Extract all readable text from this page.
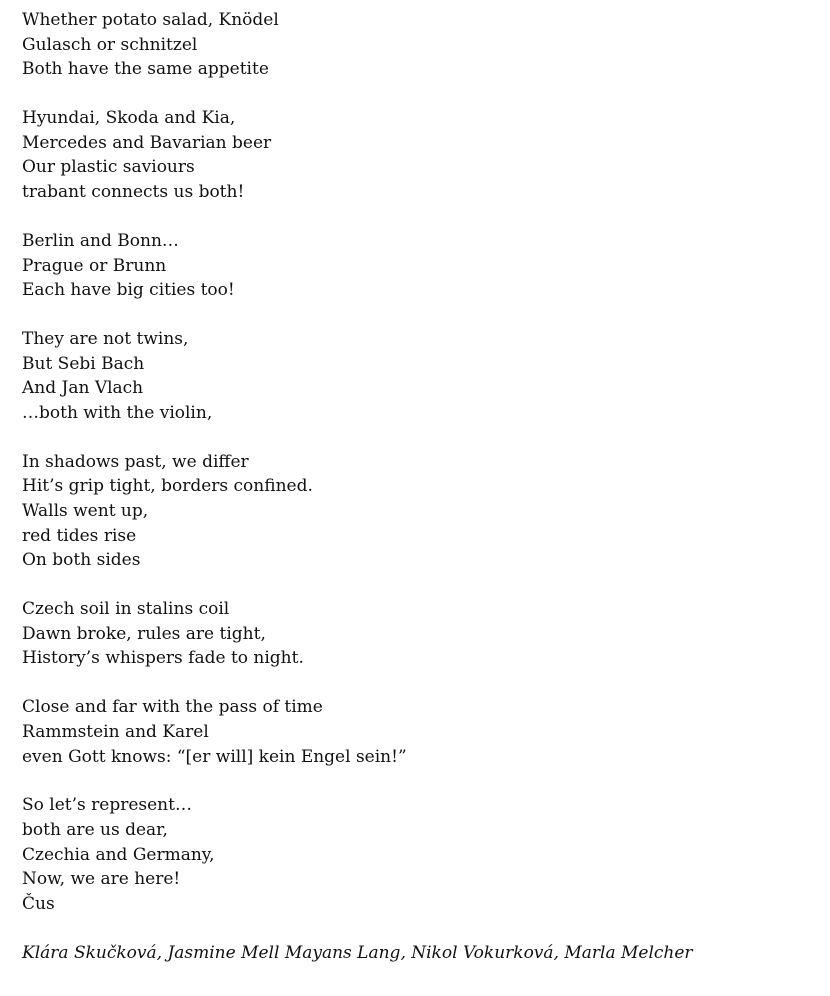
Whether potato salad, Knödel
Gulasch or schnitzel
Both have the same appetite
Hyundai, Skoda and Kia,
Mercedes and Bavarian beer
Our plastic saviours
trabant connects us both!
Berlin and Bonn…
Prague or Brunn
Each have big cities too!
They are not twins,
But Sebi Bach
And Jan Vlach
…both with the violin,
In shadows past, we differ
Hit’s grip tight, borders confined.
Walls went up,
red tides rise
On both sides
Czech soil in stalins coil
Dawn broke, rules are tight,
History’s whispers fade to night.
Close and far with the pass of time
Rammstein and Karel
even Gott knows: “[er will] kein Engel sein!”
So let’s represent…
both are us dear,
Czechia and Germany,
Now, we are here!
Čus
Klára Skučková, Jasmine Mell Mayans Lang, Nikol Vokurková, Marla Melcher
